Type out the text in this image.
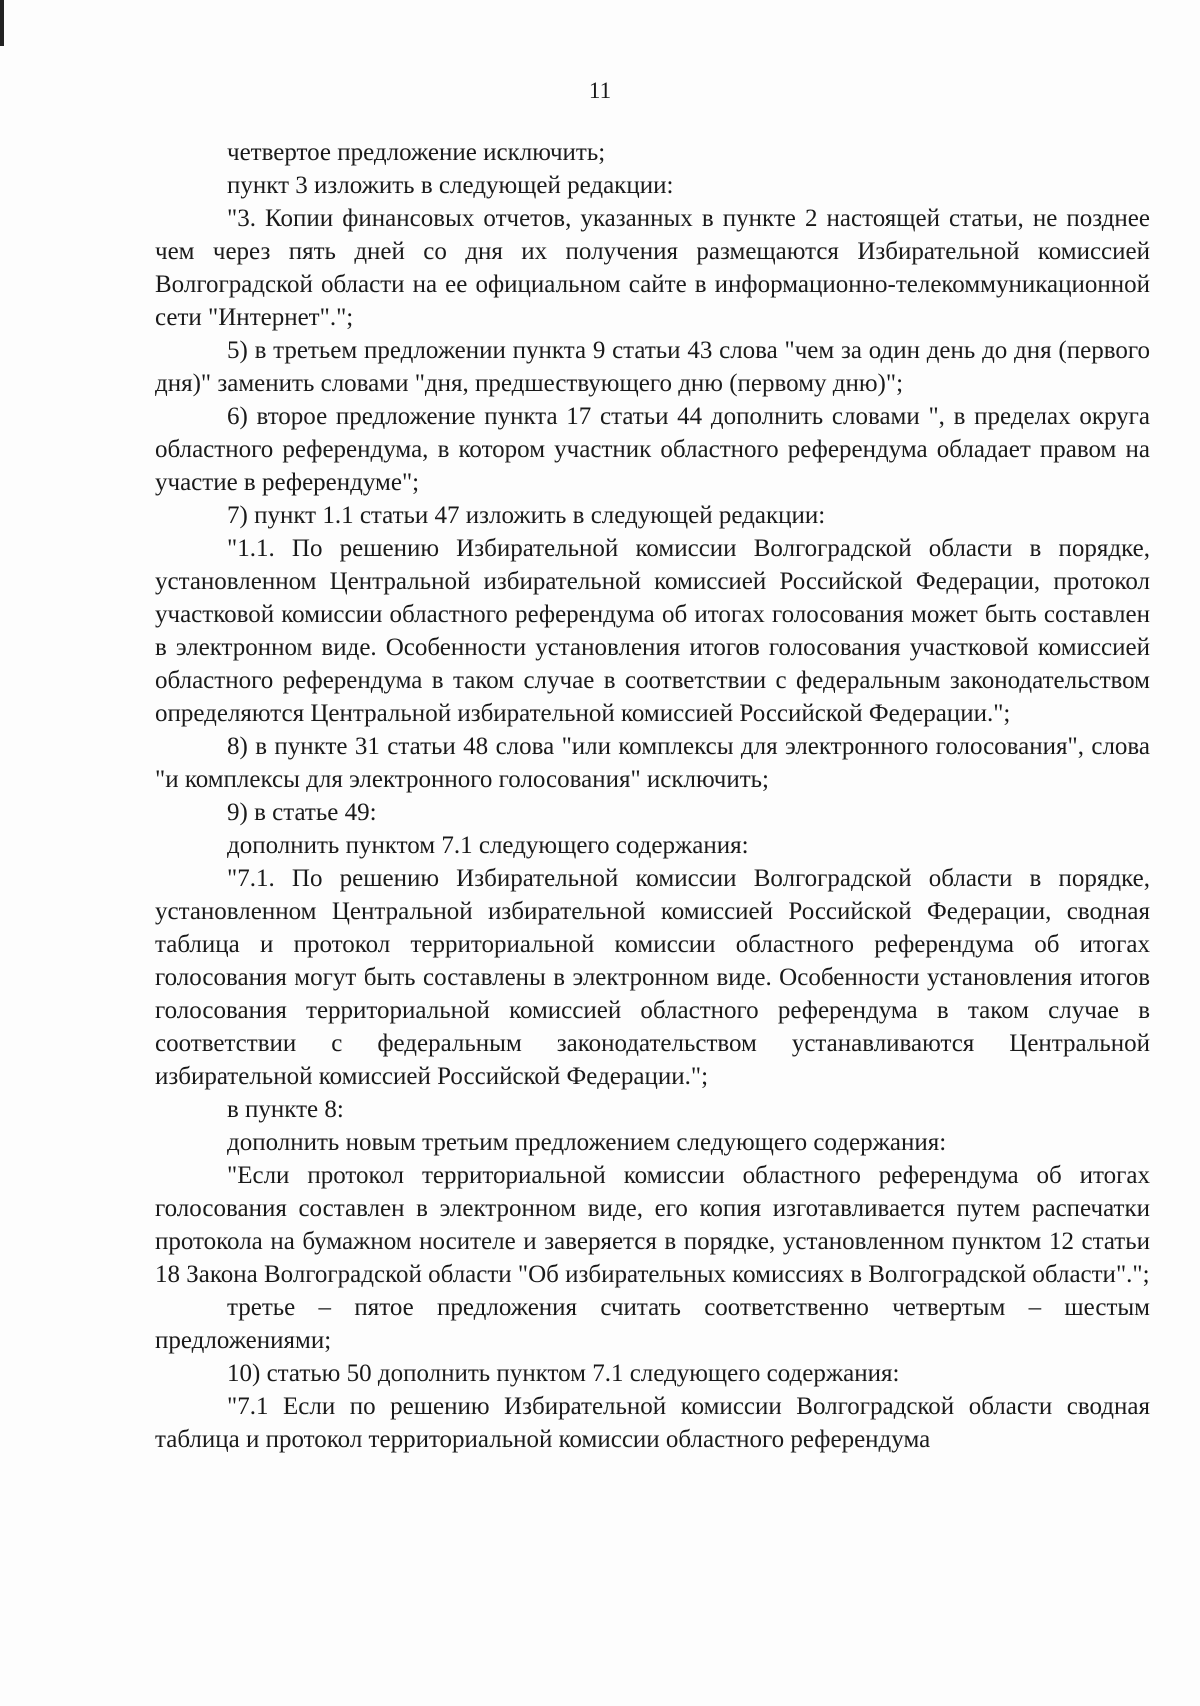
11

четвертое предложение исключить;

пункт 3 изложить в следующей редакции:

"3. Копии финансовых отчетов, указанных в пункте 2 настоящей статьи, не позднее чем через пять дней со дня их получения размещаются Избирательной комиссией Волгоградской области на ее официальном сайте в информационно-телекоммуникационной сети "Интернет".";

5) в третьем предложении пункта 9 статьи 43 слова "чем за один день до дня (первого дня)" заменить словами "дня, предшествующего дню (первому дню)";

6) второе предложение пункта 17 статьи 44 дополнить словами ", в пределах округа областного референдума, в котором участник областного референдума обладает правом на участие в референдуме";

7) пункт 1.1 статьи 47 изложить в следующей редакции:

"1.1. По решению Избирательной комиссии Волгоградской области в порядке, установленном Центральной избирательной комиссией Российской Федерации, протокол участковой комиссии областного референдума об итогах голосования может быть составлен в электронном виде. Особенности установления итогов голосования участковой комиссией областного референдума в таком случае в соответствии с федеральным законодательством определяются Центральной избирательной комиссией Российской Федерации.";

8) в пункте 31 статьи 48 слова "или комплексы для электронного голосования", слова "и комплексы для электронного голосования" исключить;

9) в статье 49:

дополнить пунктом 7.1 следующего содержания:

"7.1. По решению Избирательной комиссии Волгоградской области в порядке, установленном Центральной избирательной комиссией Российской Федерации, сводная таблица и протокол территориальной комиссии областного референдума об итогах голосования могут быть составлены в электронном виде. Особенности установления итогов голосования территориальной комиссией областного референдума в таком случае в соответствии с федеральным законодательством устанавливаются Центральной избирательной комиссией Российской Федерации.";

в пункте 8:

дополнить новым третьим предложением следующего содержания:

"Если протокол территориальной комиссии областного референдума об итогах голосования составлен в электронном виде, его копия изготавливается путем распечатки протокола на бумажном носителе и заверяется в порядке, установленном пунктом 12 статьи 18 Закона Волгоградской области "Об избирательных комиссиях в Волгоградской области".";

третье – пятое предложения считать соответственно четвертым – шестым предложениями;

10) статью 50 дополнить пунктом 7.1 следующего содержания:

"7.1 Если по решению Избирательной комиссии Волгоградской области сводная таблица и протокол территориальной комиссии областного референдума
